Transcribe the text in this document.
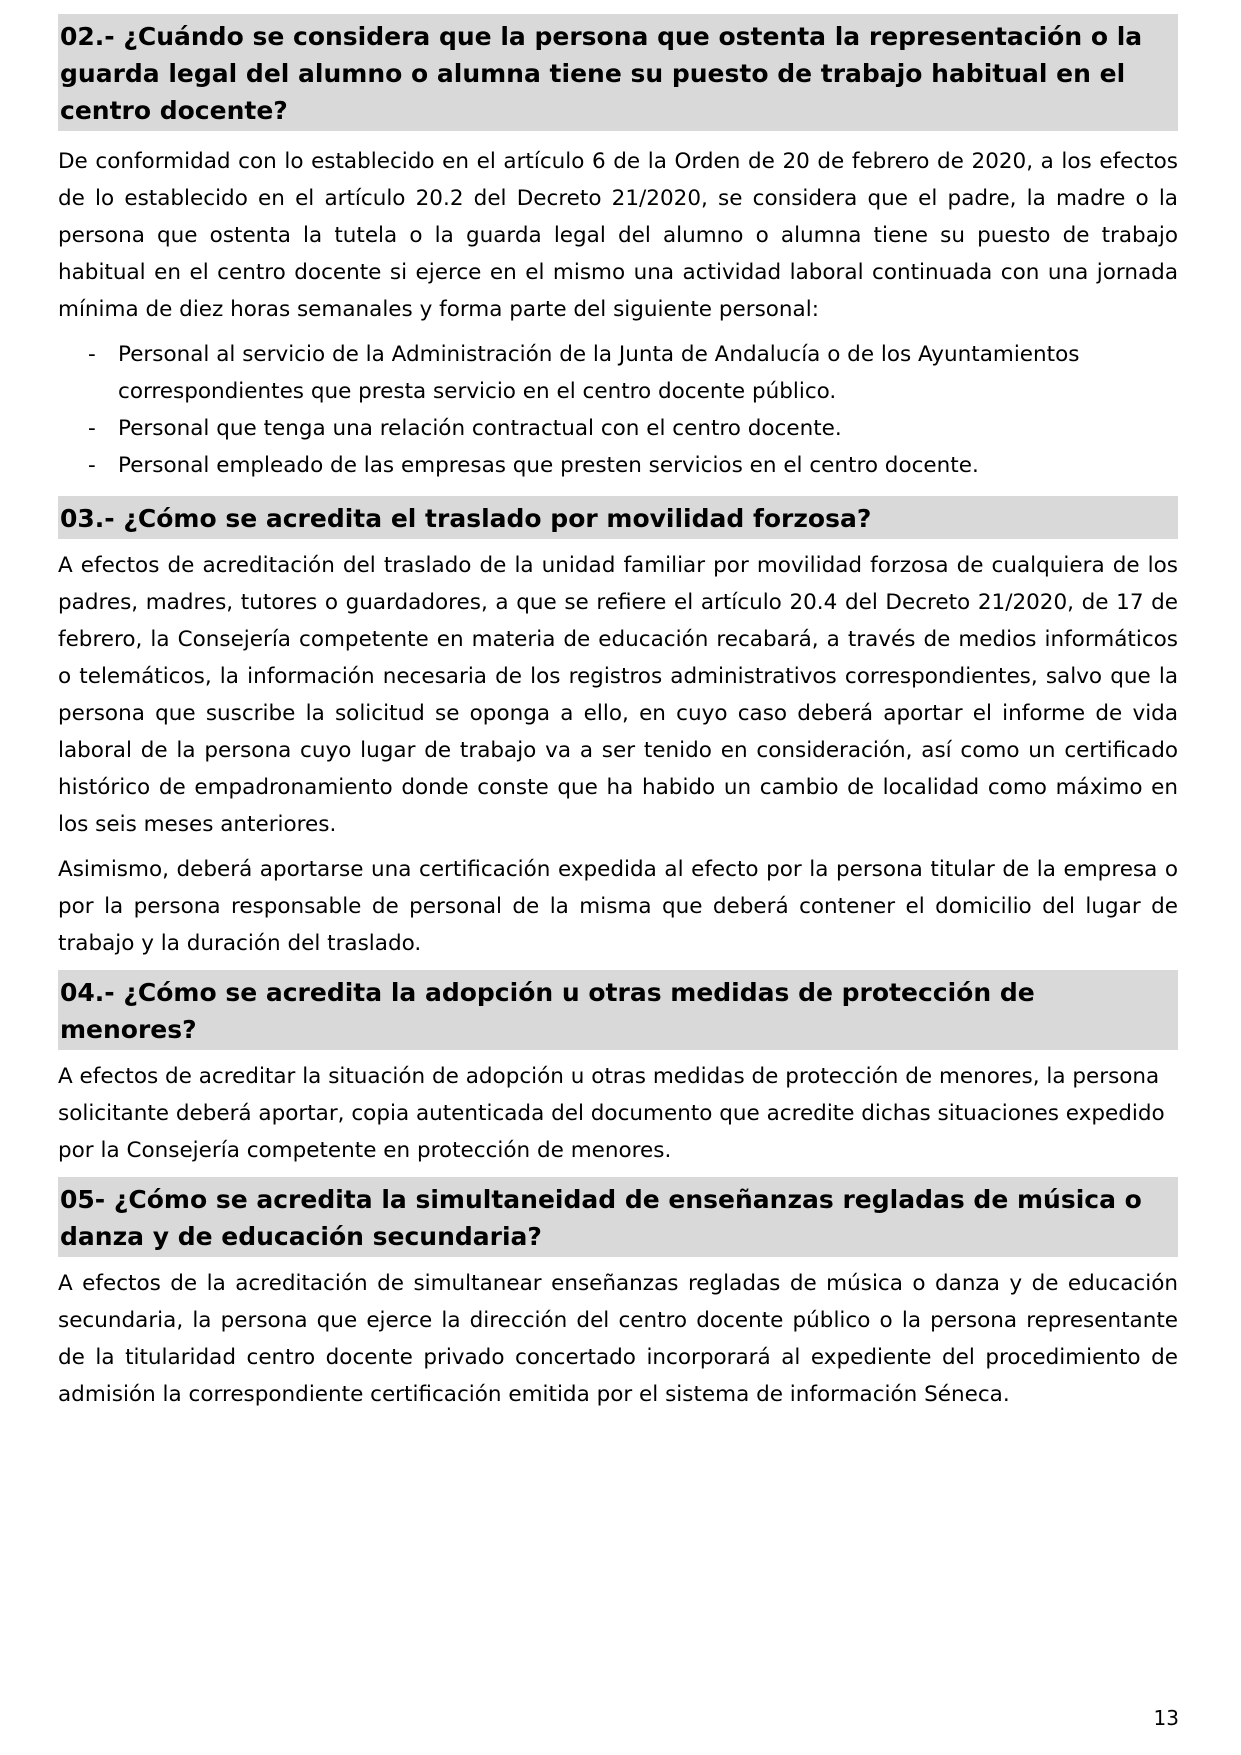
02.- ¿Cuándo se considera que la persona que ostenta la representación o la guarda legal del alumno o alumna tiene su puesto de trabajo habitual en el centro docente?

De conformidad con lo establecido en el artículo 6 de la Orden de 20 de febrero de 2020, a los efectos de lo establecido en el artículo 20.2 del Decreto 21/2020, se considera que el padre, la madre o la persona que ostenta la tutela o la guarda legal del alumno o alumna tiene su puesto de trabajo habitual en el centro docente si ejerce en el mismo una actividad laboral continuada con una jornada mínima de diez horas semanales y forma parte del siguiente personal:

- Personal al servicio de la Administración de la Junta de Andalucía o de los Ayuntamientos correspondientes que presta servicio en el centro docente público.
- Personal que tenga una relación contractual con el centro docente.
- Personal empleado de las empresas que presten servicios en el centro docente.
03.- ¿Cómo se acredita el traslado por movilidad forzosa?

A efectos de acreditación del traslado de la unidad familiar por movilidad forzosa de cualquiera de los padres, madres, tutores o guardadores, a que se refiere el artículo 20.4 del Decreto 21/2020, de 17 de febrero, la Consejería competente en materia de educación recabará, a través de medios informáticos o telemáticos, la información necesaria de los registros administrativos correspondientes, salvo que la persona que suscribe la solicitud se oponga a ello, en cuyo caso deberá aportar el informe de vida laboral de la persona cuyo lugar de trabajo va a ser tenido en consideración, así como un certificado histórico de empadronamiento donde conste que ha habido un cambio de localidad como máximo en los seis meses anteriores.

Asimismo, deberá aportarse una certificación expedida al efecto por la persona titular de la empresa o por la persona responsable de personal de la misma que deberá contener el domicilio del lugar de trabajo y la duración del traslado.

04.- ¿Cómo se acredita la adopción u otras medidas de protección de menores?

A efectos de acreditar la situación de adopción u otras medidas de protección de menores, la persona solicitante deberá aportar, copia autenticada del documento que acredite dichas situaciones expedido por la Consejería competente en protección de menores.

05- ¿Cómo se acredita la simultaneidad de enseñanzas regladas de música o danza y de educación secundaria?

A efectos de la acreditación de simultanear enseñanzas regladas de música o danza y de educación secundaria, la persona que ejerce la dirección del centro docente público o la persona representante de la titularidad centro docente privado concertado incorporará al expediente del procedimiento de admisión la correspondiente certificación emitida por el sistema de información Séneca.

13
